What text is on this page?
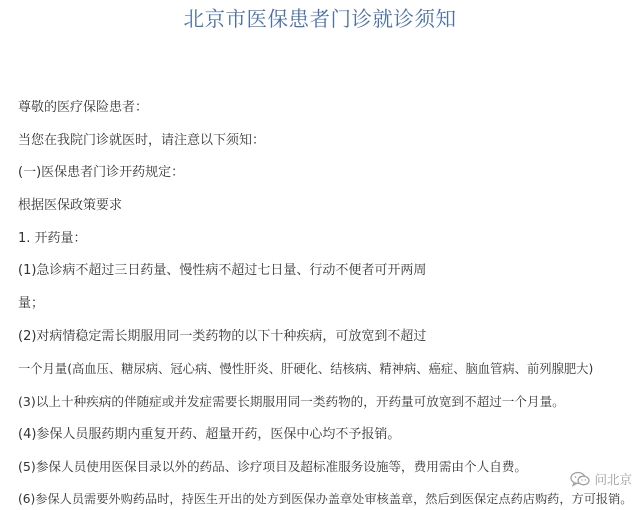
北京市医保患者门诊就诊须知
尊敬的医疗保险患者：
当您在我院门诊就医时，请注意以下须知：
(一)医保患者门诊开药规定：
根据医保政策要求
1. 开药量：
(1)急诊病不超过三日药量、慢性病不超过七日量、行动不便者可开两周
量；
(2)对病情稳定需长期服用同一类药物的以下十种疾病，可放宽到不超过
一个月量(高血压、糖尿病、冠心病、慢性肝炎、肝硬化、结核病、精神病、癌症、脑血管病、前列腺肥大)
(3)以上十种疾病的伴随症或并发症需要长期服用同一类药物的，开药量可放宽到不超过一个月量。
(4)参保人员服药期内重复开药、超量开药，医保中心均不予报销。
(5)参保人员使用医保目录以外的药品、诊疗项目及超标准服务设施等，费用需由个人自费。
(6)参保人员需要外购药品时，持医生开出的处方到医保办盖章处审核盖章，然后到医保定点药店购药，方可报销。
问北京
